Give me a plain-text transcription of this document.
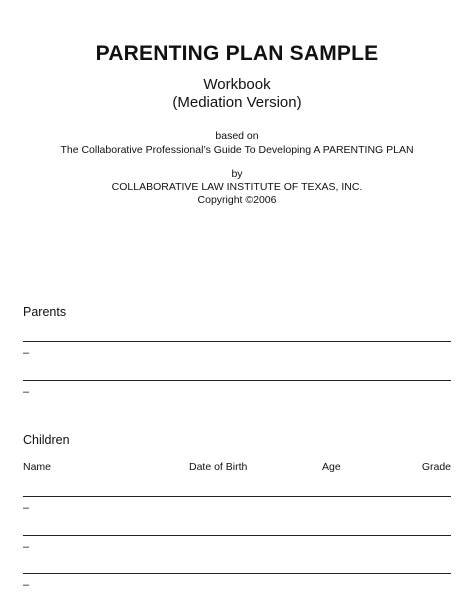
PARENTING PLAN SAMPLE
Workbook
(Mediation Version)
based on
The Collaborative Professional’s Guide To Developing A PARENTING PLAN
by
COLLABORATIVE LAW INSTITUTE OF TEXAS, INC.
Copyright ©2006
Parents
–
–
Children
Name	Date of Birth	Age	Grade
–
–
–
